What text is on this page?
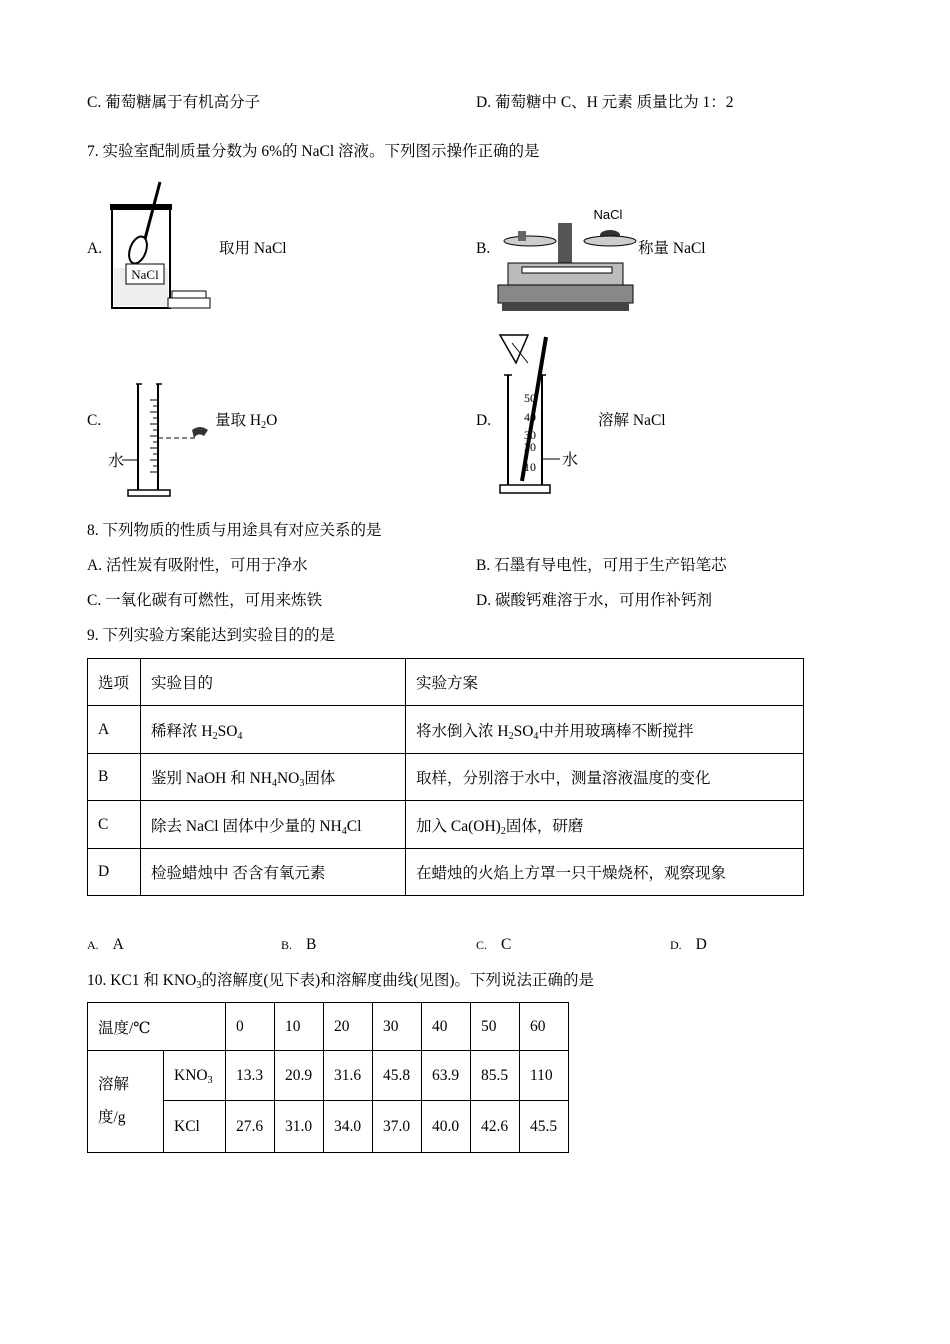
C. 葡萄糖属于有机高分子	D. 葡萄糖中 C、H 元素 质量比为 1：2
7. 实验室配制质量分数为 6%的 NaCl 溶液。下列图示操作正确的是
A.
NaCl
取用 NaCl	B.
NaCl
称量 NaCl
C.
水
量取 $H_2O$	D.
50
40
30
20
10 水
溶解 NaCl
8. 下列物质的性质与用途具有对应关系的是
A. 活性炭有吸附性，可用于净水	B. 石墨有导电性，可用于生产铅笔芯
C. 一氧化碳有可燃性，可用来炼铁	D. 碳酸钙难溶于水，可用作补钙剂
9. 下列实验方案能达到实验目的的是
选项	实验目的	实验方案
A	稀释浓 $H_2SO_4$	将水倒入浓 $H_2SO_4$中并用玻璃棒不断搅拌
B	鉴别 NaOH 和 $NH_4NO_3$固体	取样，分别溶于水中，测量溶液温度的变化
C	除去 NaCl 固体中少量的 $NH_4Cl$	加入 $Ca(OH)_2$固体，研磨
D	检验蜡烛中 否含有氧元素	在蜡烛的火焰上方罩一只干燥烧杯，观察现象
A. A	B. B	C. C	D. D
10. KC1 和 $KNO_3$的溶解度(见下表)和溶解度曲线(见图)。下列说法正确的是
温度/℃		0	10	20	30	40	50	60
溶解
度/g	$KNO_3$	13.3	20.9	31.6	45.8	63.9	85.5	110
	KCl	27.6	31.0	34.0	37.0	40.0	42.6	45.5
